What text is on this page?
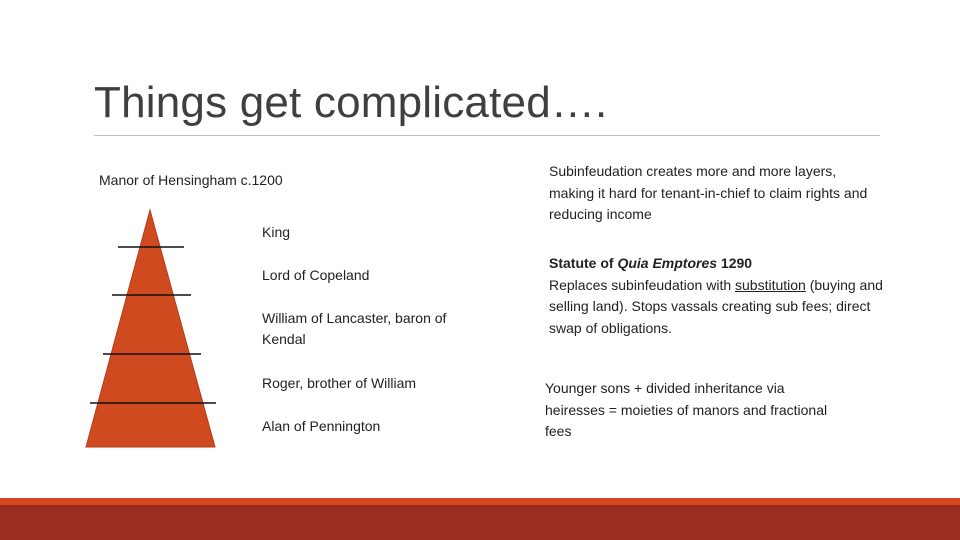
Things get complicated….
Manor of Hensingham c.1200
King
Lord of Copeland
William of Lancaster, baron of Kendal
Roger, brother of William
Alan of Pennington

Subinfeudation creates more and more layers, making it hard for tenant-in-chief to claim rights and reducing income

Statute of Quia Emptores 1290

Replaces subinfeudation with substitution (buying and selling land). Stops vassals creating sub fees; direct swap of obligations.

Younger sons + divided inheritance via heiresses = moieties of manors and fractional fees
